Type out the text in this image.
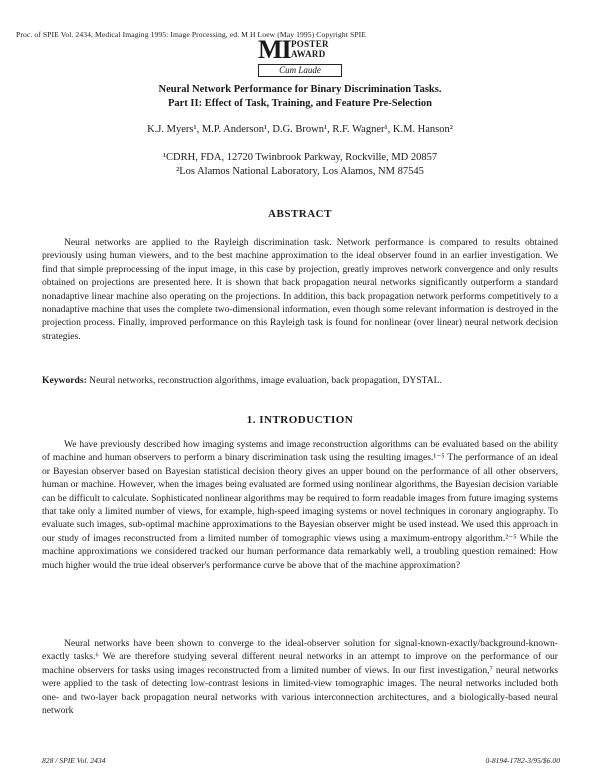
Proc. of SPIE Vol. 2434, Medical Imaging 1995: Image Processing, ed. M H Loew (May 1995) Copyright SPIE
MI POSTER
AWARD
Cum Laude
Neural Network Performance for Binary Discrimination Tasks.
Part II: Effect of Task, Training, and Feature Pre-Selection
K.J. Myers¹, M.P. Anderson¹, D.G. Brown¹, R.F. Wagner¹, K.M. Hanson²
¹CDRH, FDA, 12720 Twinbrook Parkway, Rockville, MD 20857
²Los Alamos National Laboratory, Los Alamos, NM 87545
ABSTRACT

Neural networks are applied to the Rayleigh discrimination task. Network performance is compared to results obtained previously using human viewers, and to the best machine approximation to the ideal observer found in an earlier investigation. We find that simple preprocessing of the input image, in this case by projection, greatly improves network convergence and only results obtained on projections are presented here. It is shown that back propagation neural networks significantly outperform a standard nonadaptive linear machine also operating on the projections. In addition, this back propagation network performs competitively to a nonadaptive machine that uses the complete two-dimensional information, even though some relevant information is destroyed in the projection process. Finally, improved performance on this Rayleigh task is found for nonlinear (over linear) neural network decision strategies.

Keywords: Neural networks, reconstruction algorithms, image evaluation, back propagation, DYSTAL.

1. INTRODUCTION

We have previously described how imaging systems and image reconstruction algorithms can be evaluated based on the ability of machine and human observers to perform a binary discrimination task using the resulting images.¹⁻⁵ The performance of an ideal or Bayesian observer based on Bayesian statistical decision theory gives an upper bound on the performance of all other observers, human or machine. However, when the images being evaluated are formed using nonlinear algorithms, the Bayesian decision variable can be difficult to calculate. Sophisticated nonlinear algorithms may be required to form readable images from future imaging systems that take only a limited number of views, for example, high-speed imaging systems or novel techniques in coronary angiography. To evaluate such images, sub-optimal machine approximations to the Bayesian observer might be used instead. We used this approach in our study of images reconstructed from a limited number of tomographic views using a maximum-entropy algorithm.²⁻⁵ While the machine approximations we considered tracked our human performance data remarkably well, a troubling question remained: How much higher would the true ideal observer's performance curve be above that of the machine approximation?

Neural networks have been shown to converge to the ideal-observer solution for signal-known-exactly/background-known-exactly tasks.⁶ We are therefore studying several different neural networks in an attempt to improve on the performance of our machine observers for tasks using images reconstructed from a limited number of views. In our first investigation,⁷ neural networks were applied to the task of detecting low-contrast lesions in limited-view tomographic images. The neural networks included both one- and two-layer back propagation neural networks with various interconnection architectures, and a biologically-based neural network

828 / SPIE Vol. 2434	0-8194-1782-3/95/$6.00
